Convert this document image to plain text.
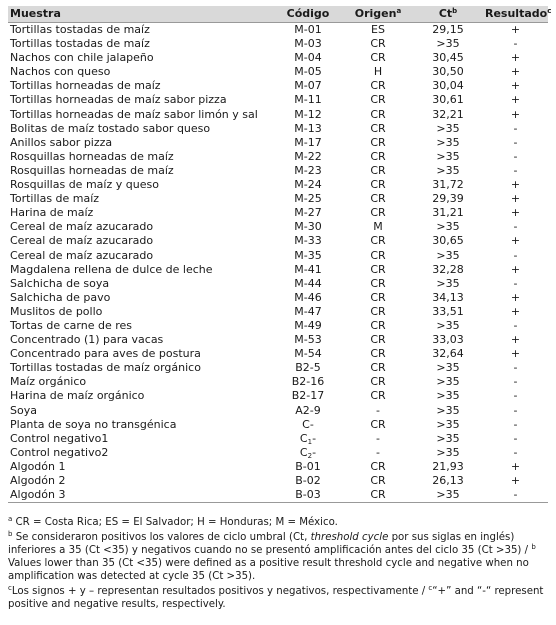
Muestra	Código	Origen$^a$	Ct$^b$	Resultado$^c$
Tortillas tostadas de maíz	M-01	ES	29,15	+
Tortillas tostadas de maíz	M-03	CR	>35	-
Nachos con chile jalapeño	M-04	CR	30,45	+
Nachos con queso	M-05	H	30,50	+
Tortillas horneadas de maíz	M-07	CR	30,04	+
Tortillas horneadas de maíz sabor pizza	M-11	CR	30,61	+
Tortillas horneadas de maíz sabor limón y sal	M-12	CR	32,21	+
Bolitas de maíz tostado sabor queso	M-13	CR	>35	-
Anillos sabor pizza	M-17	CR	>35	-
Rosquillas horneadas de maíz	M-22	CR	>35	-
Rosquillas horneadas de maíz	M-23	CR	>35	-
Rosquillas de maíz y queso	M-24	CR	31,72	+
Tortillas de maíz	M-25	CR	29,39	+
Harina de maíz	M-27	CR	31,21	+
Cereal de maíz azucarado	M-30	M	>35	-
Cereal de maíz azucarado	M-33	CR	30,65	+
Cereal de maíz azucarado	M-35	CR	>35	-
Magdalena rellena de dulce de leche	M-41	CR	32,28	+
Salchicha de soya	M-44	CR	>35	-
Salchicha de pavo	M-46	CR	34,13	+
Muslitos de pollo	M-47	CR	33,51	+
Tortas de carne de res	M-49	CR	>35	-
Concentrado (1) para vacas	M-53	CR	33,03	+
Concentrado para aves de postura	M-54	CR	32,64	+
Tortillas tostadas de maíz orgánico	B2-5	CR	>35	-
Maíz orgánico	B2-16	CR	>35	-
Harina de maíz orgánico	B2-17	CR	>35	-
Soya	A2-9	-	>35	-
Planta de soya no transgénica	C-	CR	>35	-
Control negativo1	$C_1-$	-	>35	-
Control negativo2	$C_2-$	-	>35	-
Algodón 1	B-01	CR	21,93	+
Algodón 2	B-02	CR	26,13	+
Algodón 3	B-03	CR	>35	-

$^a$ CR = Costa Rica; ES = El Salvador; H = Honduras; M = México.

$^b$ Se consideraron positivos los valores de ciclo umbral (Ct, threshold cycle por sus siglas en inglés) inferiores a 35 (Ct <35) y negativos cuando no se presentó amplificación antes del ciclo 35 (Ct >35) / $^b$ Values lower than 35 (Ct <35) were defined as a positive result threshold cycle and negative when no amplification was detected at cycle 35 (Ct >35).

$^c$Los signos + y – representan resultados positivos y negativos, respectivamente / $^c$“+” and “-“ represent positive and negative results, respectively.
